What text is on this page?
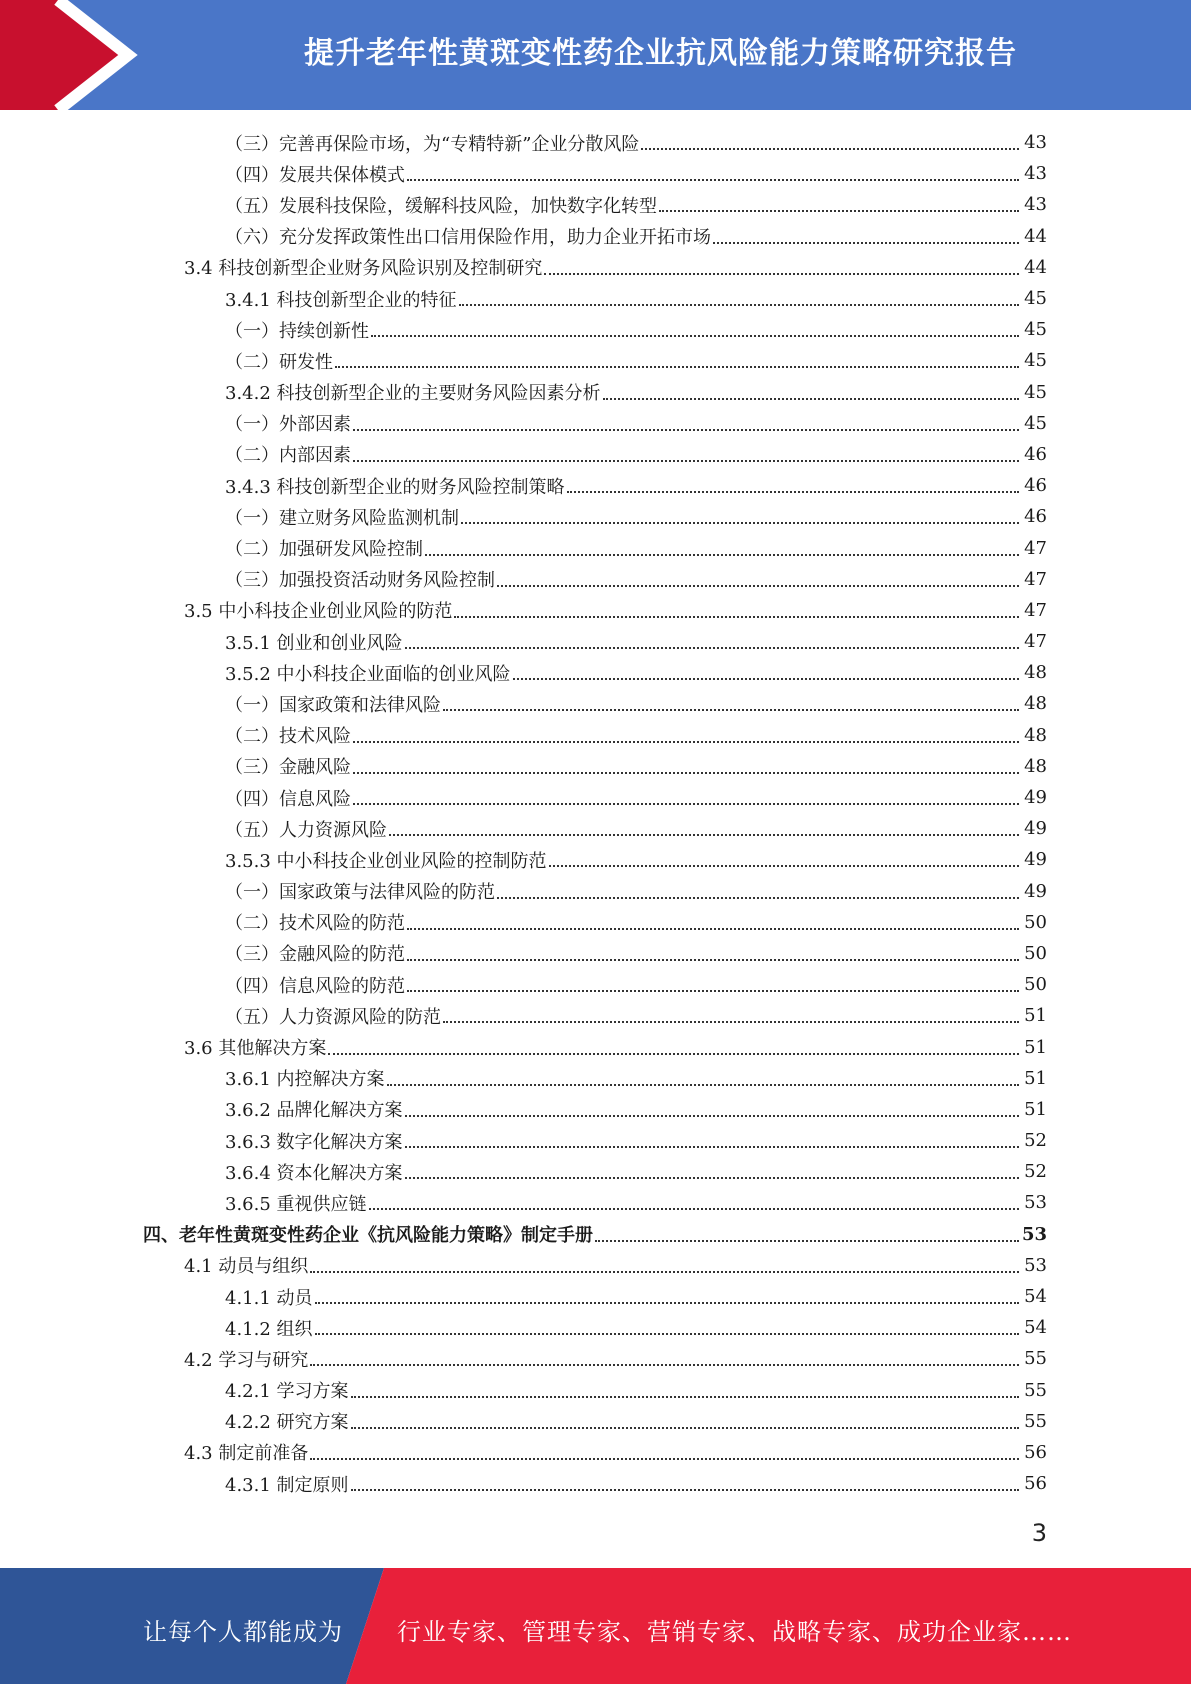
提升老年性黄斑变性药企业抗风险能力策略研究报告
（三）完善再保险市场，为“专精特新”企业分散风险	43
（四）发展共保体模式	43
（五）发展科技保险，缓解科技风险，加快数字化转型	43
（六）充分发挥政策性出口信用保险作用，助力企业开拓市场	44
3.4 科技创新型企业财务风险识别及控制研究	44
3.4.1 科技创新型企业的特征	45
（一）持续创新性	45
（二）研发性	45
3.4.2 科技创新型企业的主要财务风险因素分析	45
（一）外部因素	45
（二）内部因素	46
3.4.3 科技创新型企业的财务风险控制策略	46
（一）建立财务风险监测机制	46
（二）加强研发风险控制	47
（三）加强投资活动财务风险控制	47
3.5 中小科技企业创业风险的防范	47
3.5.1 创业和创业风险	47
3.5.2 中小科技企业面临的创业风险	48
（一）国家政策和法律风险	48
（二）技术风险	48
（三）金融风险	48
（四）信息风险	49
（五）人力资源风险	49
3.5.3 中小科技企业创业风险的控制防范	49
（一）国家政策与法律风险的防范	49
（二）技术风险的防范	50
（三）金融风险的防范	50
（四）信息风险的防范	50
（五）人力资源风险的防范	51
3.6 其他解决方案	51
3.6.1 内控解决方案	51
3.6.2 品牌化解决方案	51
3.6.3 数字化解决方案	52
3.6.4 资本化解决方案	52
3.6.5 重视供应链	53
四、老年性黄斑变性药企业《抗风险能力策略》制定手册	53
4.1 动员与组织	53
4.1.1 动员	54
4.1.2 组织	54
4.2 学习与研究	55
4.2.1 学习方案	55
4.2.2 研究方案	55
4.3 制定前准备	56
4.3.1 制定原则	56
3
让每个人都能成为 行业专家、管理专家、营销专家、战略专家、成功企业家……
